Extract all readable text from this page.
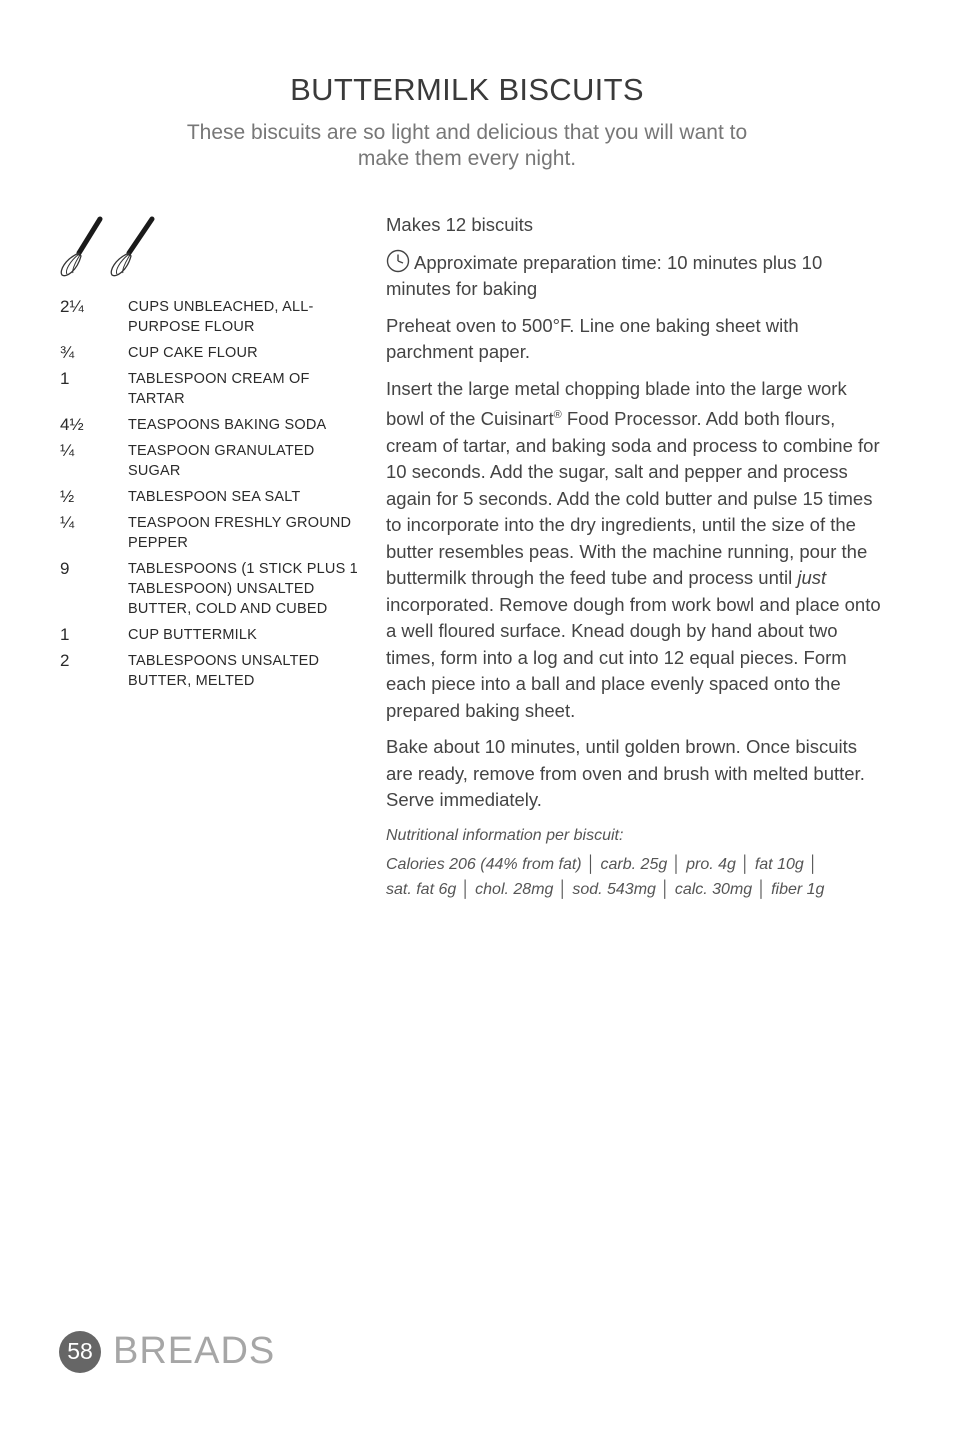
BUTTERMILK BISCUITS
These biscuits are so light and delicious that you will want to make them every night.
2¼	CUPS UNBLEACHED, ALL-PURPOSE FLOUR
¾	CUP CAKE FLOUR
1	TABLESPOON CREAM OF TARTAR
4½	TEASPOONS BAKING SODA
¼	TEASPOON GRANULATED SUGAR
½	TABLESPOON SEA SALT
¼	TEASPOON FRESHLY GROUND PEPPER
9	TABLESPOONS (1 STICK PLUS 1 TABLESPOON) UNSALTED BUTTER, COLD AND CUBED
1	CUP BUTTERMILK
2	TABLESPOONS UNSALTED BUTTER, MELTED

Makes 12 biscuits

Approximate preparation time: 10 minutes plus 10 minutes for baking

Preheat oven to 500°F. Line one baking sheet with parchment paper.

Insert the large metal chopping blade into the large work bowl of the Cuisinart® Food Processor. Add both flours, cream of tartar, and baking soda and process to combine for 10 seconds. Add the sugar, salt and pepper and process again for 5 seconds. Add the cold butter and pulse 15 times to incorporate into the dry ingredients, until the size of the butter resembles peas. With the machine running, pour the buttermilk through the feed tube and process until just incorporated. Remove dough from work bowl and place onto a well floured surface. Knead dough by hand about two times, form into a log and cut into 12 equal pieces. Form each piece into a ball and place evenly spaced onto the prepared baking sheet.

Bake about 10 minutes, until golden brown. Once biscuits are ready, remove from oven and brush with melted butter. Serve immediately.

Nutritional information per biscuit:
Calories 206 (44% from fat) │ carb. 25g │ pro. 4g │ fat 10g │
sat. fat 6g │ chol. 28mg │ sod. 543mg │ calc. 30mg │ fiber 1g
58 BREADS
